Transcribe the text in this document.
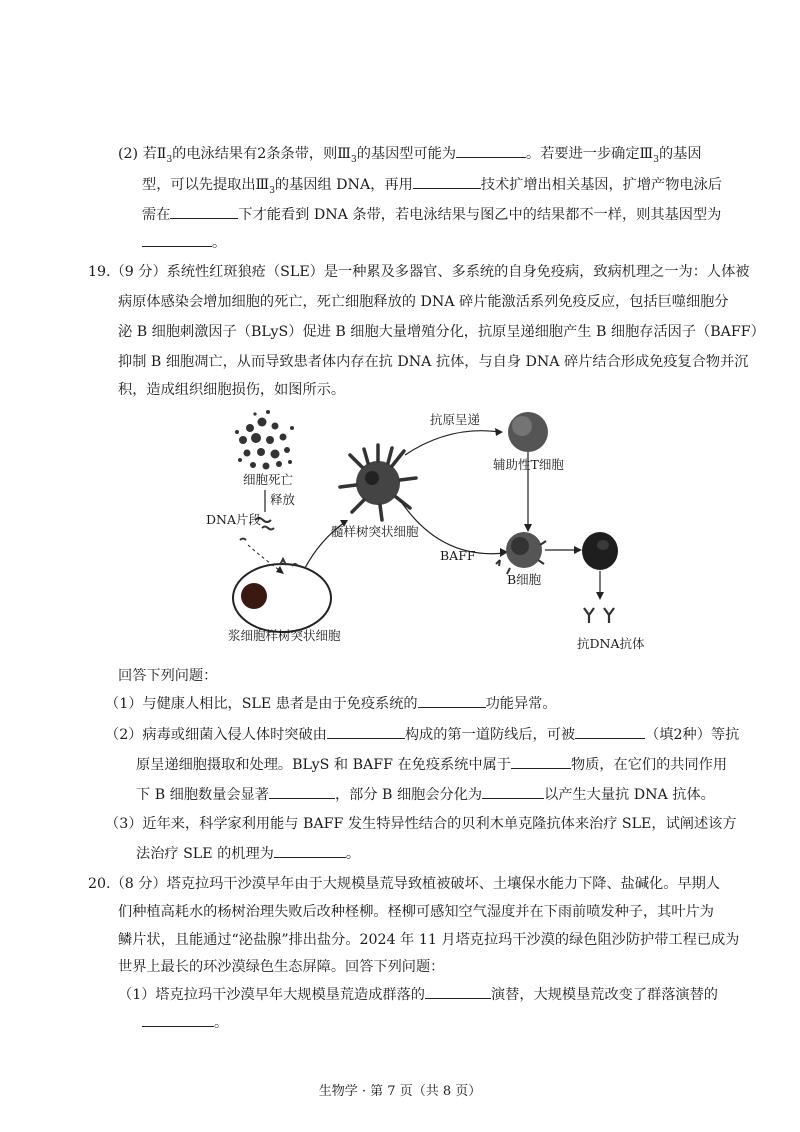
(2) 若$Ⅱ_3$的电泳结果有2条条带，则$Ⅲ_3$的基因型可能为	。若要进一步确定$Ⅲ_3$的基因
型，可以先提取出$Ⅲ_3$的基因组 DNA，再用	技术扩增出相关基因，扩增产物电泳后
需在	下才能看到 DNA 条带，若电泳结果与图乙中的结果都不一样，则其基因型为
。
19.（9 分）系统性红斑狼疮（SLE）是一种累及多器官、多系统的自身免疫病，致病机理之一为：人体被
病原体感染会增加细胞的死亡，死亡细胞释放的 DNA 碎片能激活系列免疫反应，包括巨噬细胞分
泌 B 细胞刺激因子（BLyS）促进 B 细胞大量增殖分化，抗原呈递细胞产生 B 细胞存活因子（BAFF）
抑制 B 细胞凋亡，从而导致患者体内存在抗 DNA 抗体，与自身 DNA 碎片结合形成免疫复合物并沉
积，造成组织细胞损伤，如图所示。
细胞死亡
释放
DNA片段
髓样树突状细胞
抗原呈递
辅助性T细胞
BAFF
B细胞
浆细胞样树突状细胞
抗DNA抗体
回答下列问题：
（1）与健康人相比，SLE 患者是由于免疫系统的	功能异常。
（2）病毒或细菌入侵人体时突破由	构成的第一道防线后，可被	（填2种）等抗
原呈递细胞摄取和处理。BLyS 和 BAFF 在免疫系统中属于	物质，在它们的共同作用
下 B 细胞数量会显著	，部分 B 细胞会分化为	以产生大量抗 DNA 抗体。
（3）近年来，科学家利用能与 BAFF 发生特异性结合的贝利木单克隆抗体来治疗 SLE，试阐述该方
法治疗 SLE 的机理为	。
20.（8 分）塔克拉玛干沙漠早年由于大规模垦荒导致植被破坏、土壤保水能力下降、盐碱化。早期人
们种植高耗水的杨树治理失败后改种柽柳。柽柳可感知空气湿度并在下雨前喷发种子，其叶片为
鳞片状，且能通过“泌盐腺”排出盐分。2024 年 11 月塔克拉玛干沙漠的绿色阻沙防护带工程已成为
世界上最长的环沙漠绿色生态屏障。回答下列问题：
（1）塔克拉玛干沙漠早年大规模垦荒造成群落的	演替，大规模垦荒改变了群落演替的
。
生物学 · 第 7 页（共 8 页）
